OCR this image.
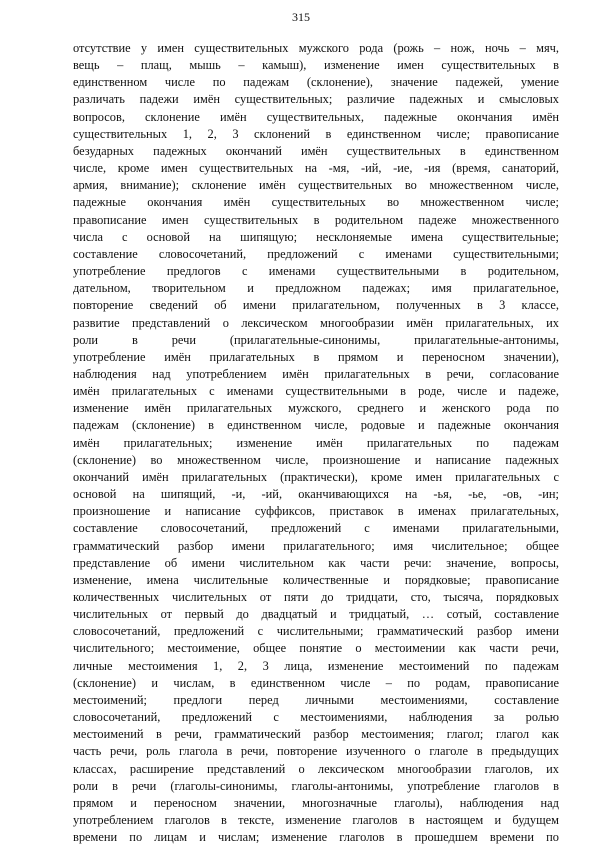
315
отсутствие у имен существительных мужского рода (рожь – нож, ночь – мяч,
вещь – плащ, мышь – камыш), изменение имен существительных в
единственном числе по падежам (склонение), значение падежей, умение
различать падежи имён существительных; различие падежных и смысловых
вопросов, склонение имён существительных, падежные окончания имён
существительных 1, 2, 3 склонений в единственном числе; правописание
безударных падежных окончаний имён существительных в единственном
числе, кроме имен существительных на -мя, -ий, -ие, -ия (время, санаторий,
армия, внимание); склонение имён существительных во множественном числе,
падежные окончания имён существительных во множественном числе;
правописание имен существительных в родительном падеже множественного
числа с основой на шипящую; несклоняемые имена существительные;
составление словосочетаний, предложений с именами существительными;
употребление предлогов с именами существительными в родительном,
дательном, творительном и предложном падежах; имя прилагательное,
повторение сведений об имени прилагательном, полученных в 3 классе,
развитие представлений о лексическом многообразии имён прилагательных, их
роли в речи (прилагательные-синонимы, прилагательные-антонимы,
употребление имён прилагательных в прямом и переносном значении),
наблюдения над употреблением имён прилагательных в речи, согласование
имён прилагательных с именами существительными в роде, числе и падеже,
изменение имён прилагательных мужского, среднего и женского рода по
падежам (склонение) в единственном числе, родовые и падежные окончания
имён прилагательных; изменение имён прилагательных по падежам
(склонение) во множественном числе, произношение и написание падежных
окончаний имён прилагательных (практически), кроме имен прилагательных с
основой на шипящий, -и, -ий, оканчивающихся на -ья, -ье, -ов, -ин;
произношение и написание суффиксов, приставок в именах прилагательных,
составление словосочетаний, предложений с именами прилагательными,
грамматический разбор имени прилагательного; имя числительное; общее
представление об имени числительном как части речи: значение, вопросы,
изменение, имена числительные количественные и порядковые; правописание
количественных числительных от пяти до тридцати, сто, тысяча, порядковых
числительных от первый до двадцатый и тридцатый, … сотый, составление
словосочетаний, предложений с числительными; грамматический разбор имени
числительного; местоимение, общее понятие о местоимении как части речи,
личные местоимения 1, 2, 3 лица, изменение местоимений по падежам
(склонение) и числам, в единственном числе – по родам, правописание
местоимений; предлоги перед личными местоимениями, составление
словосочетаний, предложений с местоимениями, наблюдения за ролью
местоимений в речи, грамматический разбор местоимения; глагол; глагол как
часть речи, роль глагола в речи, повторение изученного о глаголе в предыдущих
классах, расширение представлений о лексическом многообразии глаголов, их
роли в речи (глаголы-синонимы, глаголы-антонимы, употребление глаголов в
прямом и переносном значении, многозначные глаголы), наблюдения над
употреблением глаголов в тексте, изменение глаголов в настоящем и будущем
времени по лицам и числам; изменение глаголов в прошедшем времени по
